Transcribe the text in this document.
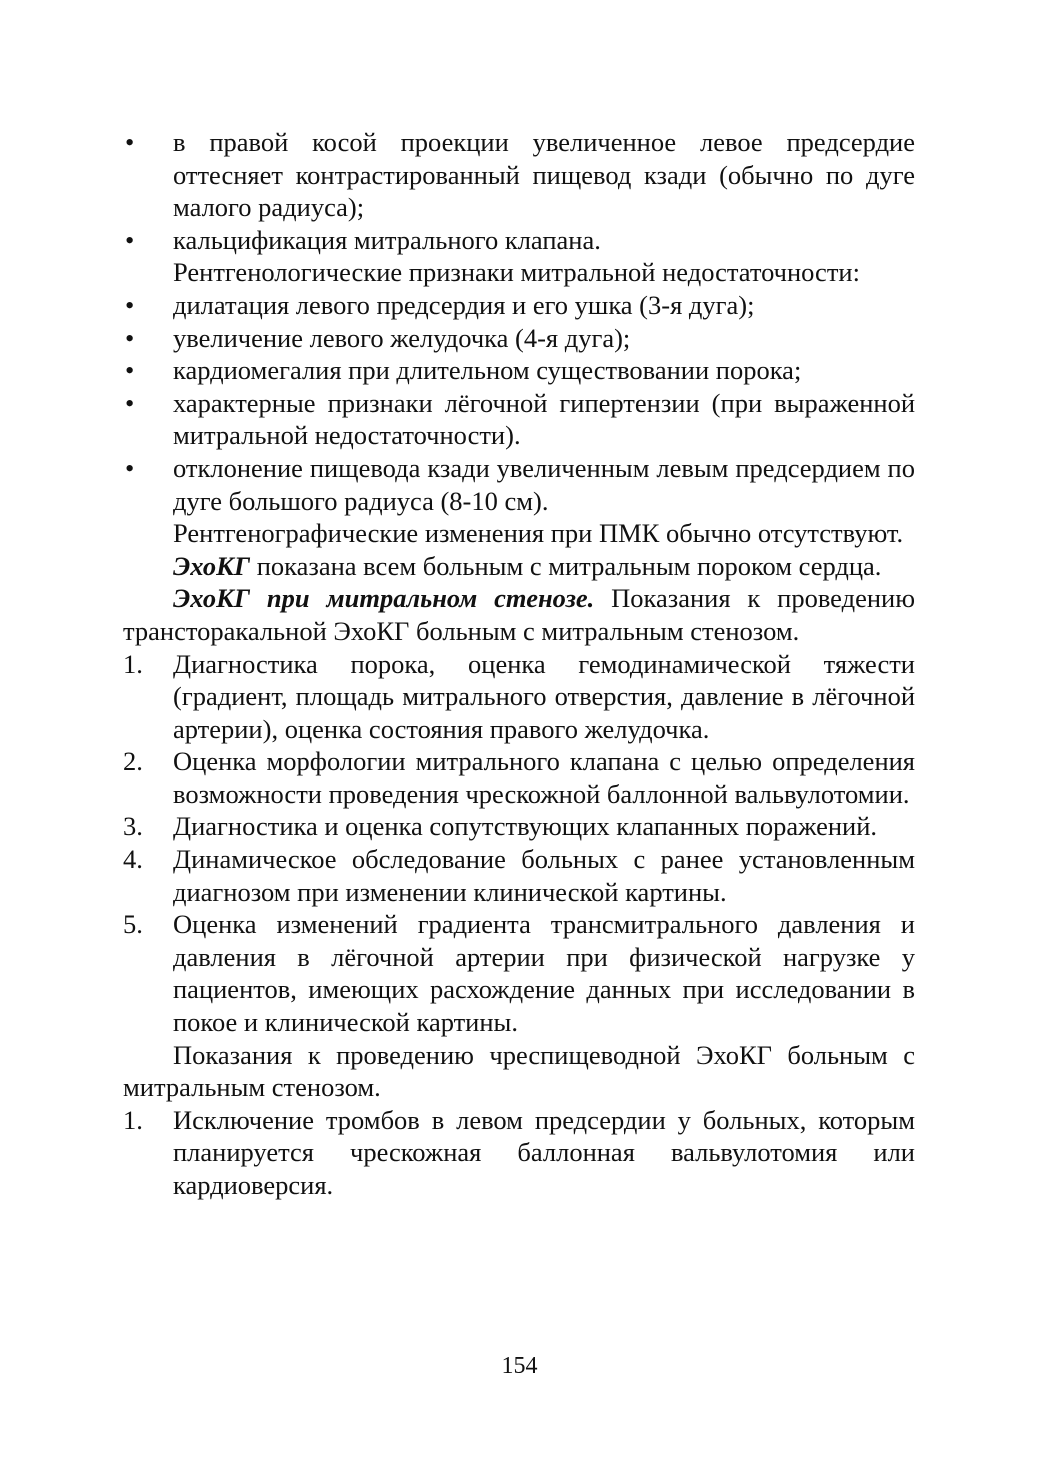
• в правой косой проекции увеличенное левое предсердие оттесняет контрастированный пищевод кзади (обычно по дуге малого радиуса);
• кальцификация митрального клапана.
Рентгенологические признаки митральной недостаточности:
• дилатация левого предсердия и его ушка (3-я дуга);
• увеличение левого желудочка (4-я дуга);
• кардиомегалия при длительном существовании порока;
• характерные признаки лёгочной гипертензии (при выраженной митральной недостаточности).
• отклонение пищевода кзади увеличенным левым предсердием по дуге большого радиуса (8-10 см).
Рентгенографические изменения при ПМК обычно отсутствуют.
ЭхоКГ показана всем больным с митральным пороком сердца.
ЭхоКГ при митральном стенозе. Показания к проведению трансторакальной ЭхоКГ больным с митральным стенозом.
1. Диагностика порока, оценка гемодинамической тяжести (градиент, площадь митрального отверстия, давление в лёгочной артерии), оценка состояния правого желудочка.
2. Оценка морфологии митрального клапана с целью определения возможности проведения чрескожной баллонной вальвулотомии.
3. Диагностика и оценка сопутствующих клапанных поражений.
4. Динамическое обследование больных с ранее установленным диагнозом при изменении клинической картины.
5. Оценка изменений градиента трансмитрального давления и давления в лёгочной артерии при физической нагрузке у пациентов, имеющих расхождение данных при исследовании в покое и клинической картины.
Показания к проведению чреспищеводной ЭхоКГ больным с митральным стенозом.
1. Исключение тромбов в левом предсердии у больных, которым планируется чрескожная баллонная вальвулотомия или кардиоверсия.
154
